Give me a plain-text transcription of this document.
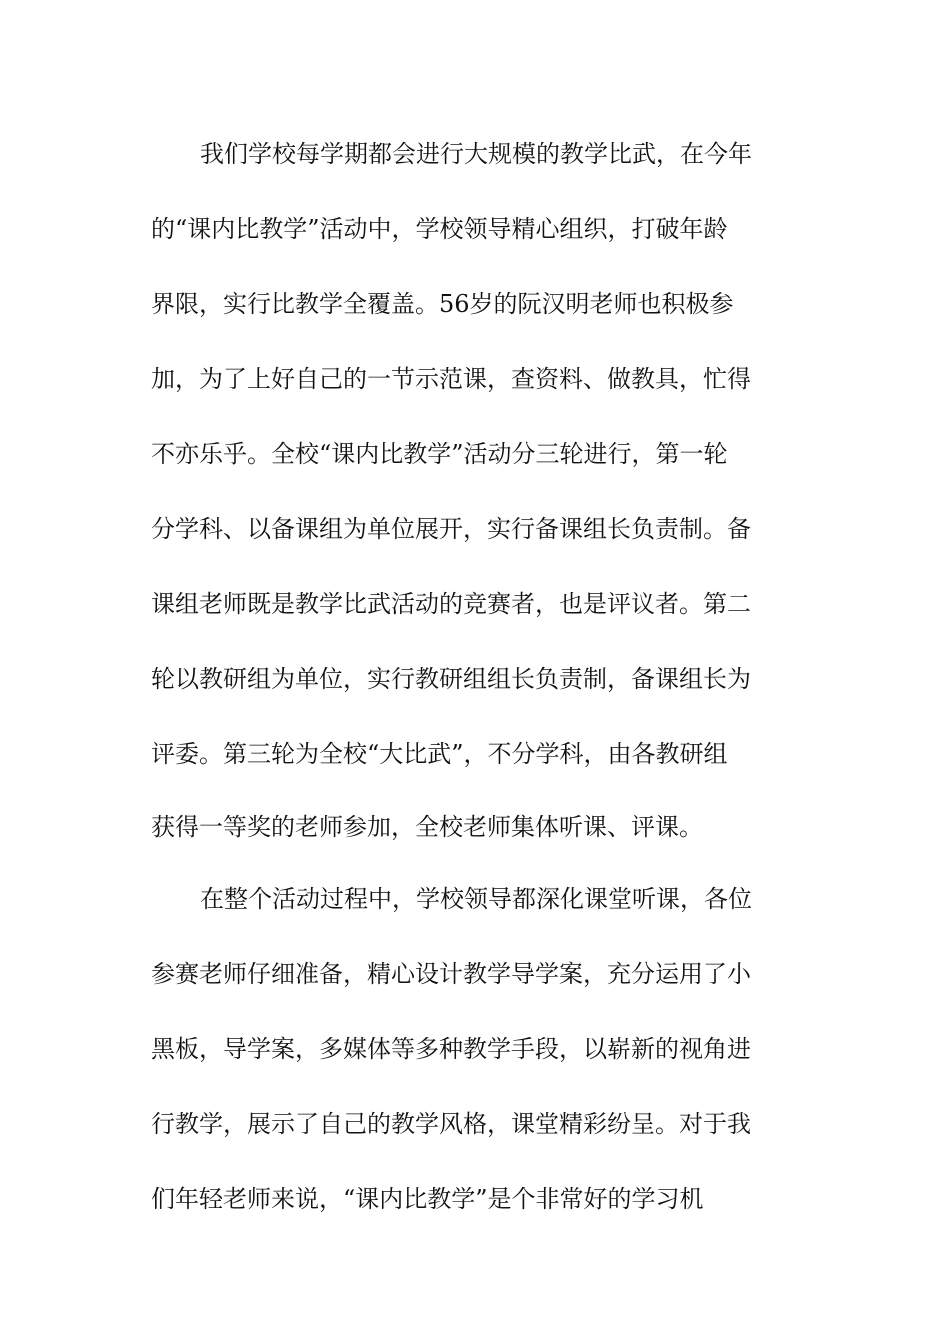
我们学校每学期都会进行大规模的教学比武，在今年
的“课内比教学”活动中，学校领导精心组织，打破年龄
界限，实行比教学全覆盖。56岁的阮汉明老师也积极参
加，为了上好自己的一节示范课，查资料、做教具，忙得
不亦乐乎。全校“课内比教学”活动分三轮进行，第一轮
分学科、以备课组为单位展开，实行备课组长负责制。备
课组老师既是教学比武活动的竞赛者，也是评议者。第二
轮以教研组为单位，实行教研组组长负责制，备课组长为
评委。第三轮为全校“大比武”，不分学科，由各教研组
获得一等奖的老师参加，全校老师集体听课、评课。
在整个活动过程中，学校领导都深化课堂听课，各位
参赛老师仔细准备，精心设计教学导学案，充分运用了小
黑板，导学案，多媒体等多种教学手段，以崭新的视角进
行教学，展示了自己的教学风格，课堂精彩纷呈。对于我
们年轻老师来说，“课内比教学”是个非常好的学习机
